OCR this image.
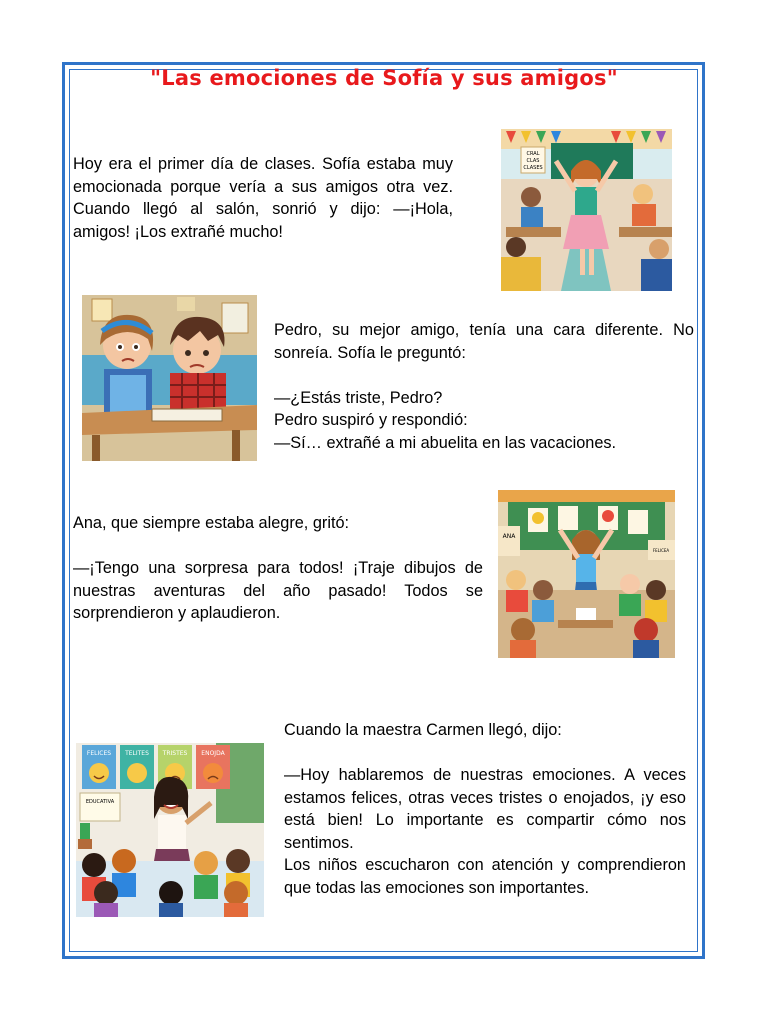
"Las emociones de Sofía y sus amigos"

Hoy era el primer día de clases. Sofía estaba muy emocionada porque vería a sus amigos otra vez. Cuando llegó al salón, sonrió y dijo: —¡Hola, amigos! ¡Los extrañé mucho!

CRAL
CLAS
CLASES

Pedro, su mejor amigo, tenía una cara diferente. No sonreía. Sofía le preguntó:

—¿Estás triste, Pedro?

Pedro suspiró y respondió:

—Sí… extrañé a mi abuelita en las vacaciones.

Ana, que siempre estaba alegre, gritó:

—¡Tengo una sorpresa para todos! ¡Traje dibujos de nuestras aventuras del año pasado! Todos se sorprendieron y aplaudieron.

ANA
FELICEA
FELICES TELITES TRISTES ENOJDA
EDUCATIVA

Cuando la maestra Carmen llegó, dijo:

—Hoy hablaremos de nuestras emociones. A veces estamos felices, otras veces tristes o enojados, ¡y eso está bien! Lo importante es compartir cómo nos sentimos.

Los niños escucharon con atención y comprendieron que todas las emociones son importantes.
